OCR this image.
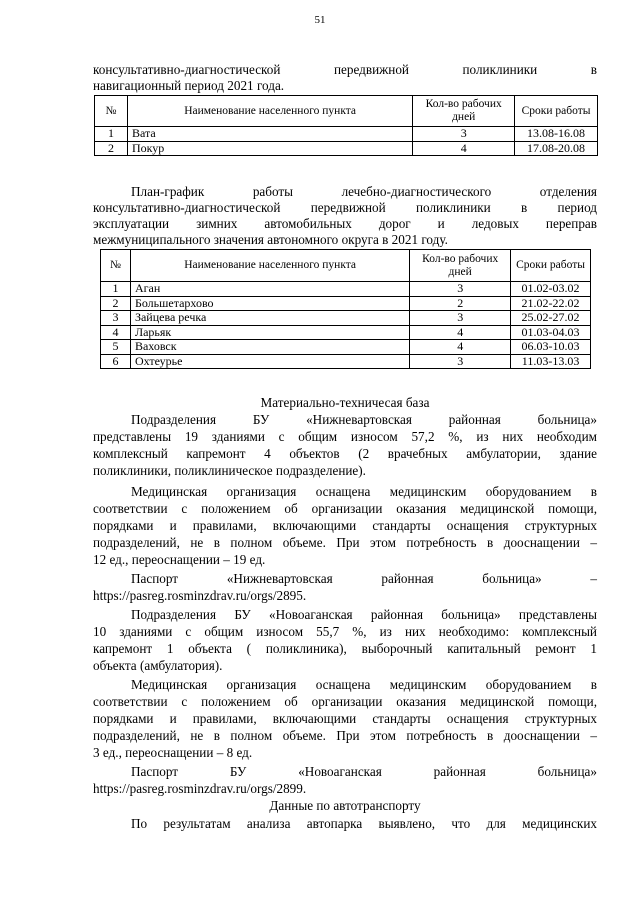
51
консультативно-диагностической передвижной поликлиники в
навигационный период 2021 года.
№	Наименование населенного пункта	Кол-во рабочих дней	Сроки работы
1	Вата	3	13.08-16.08
2	Покур	4	17.08-20.08
План-график работы лечебно-диагностического отделения
консультативно-диагностической передвижной поликлиники в период
эксплуатации зимних автомобильных дорог и ледовых переправ
межмуниципального значения автономного округа в 2021 году.
№	Наименование населенного пункта	Кол-во рабочих дней	Сроки работы
1	Аган	3	01.02-03.02
2	Большетархово	2	21.02-22.02
3	Зайцева речка	3	25.02-27.02
4	Ларьяк	4	01.03-04.03
5	Ваховск	4	06.03-10.03
6	Охтеурье	3	11.03-13.03
Материально-техничесая база
Подразделения БУ «Нижневартовская районная больница»
представлены 19 зданиями с общим износом 57,2 %, из них необходим
комплексный капремонт 4 объектов (2 врачебных амбулатории, здание
поликлиники, поликлиническое подразделение).
Медицинская организация оснащена медицинским оборудованием в
соответствии с положением об организации оказания медицинской помощи,
порядками и правилами, включающими стандарты оснащения структурных
подразделений, не в полном объеме. При этом потребность в дооснащении –
12 ед., переоснащении – 19 ед.
Паспорт «Нижневартовская районная больница» –
https://pasreg.rosminzdrav.ru/orgs/2895.
Подразделения БУ «Новоаганская районная больница» представлены
10 зданиями с общим износом 55,7 %, из них необходимо: комплексный
капремонт 1 объекта ( поликлиника), выборочный капитальный ремонт 1
объекта (амбулатория).
Медицинская организация оснащена медицинским оборудованием в
соответствии с положением об организации оказания медицинской помощи,
порядками и правилами, включающими стандарты оснащения структурных
подразделений, не в полном объеме. При этом потребность в дооснащении –
3 ед., переоснащении – 8 ед.
Паспорт БУ «Новоаганская районная больница»
https://pasreg.rosminzdrav.ru/orgs/2899.
Данные по автотранспорту
По результатам анализа автопарка выявлено, что для медицинских
